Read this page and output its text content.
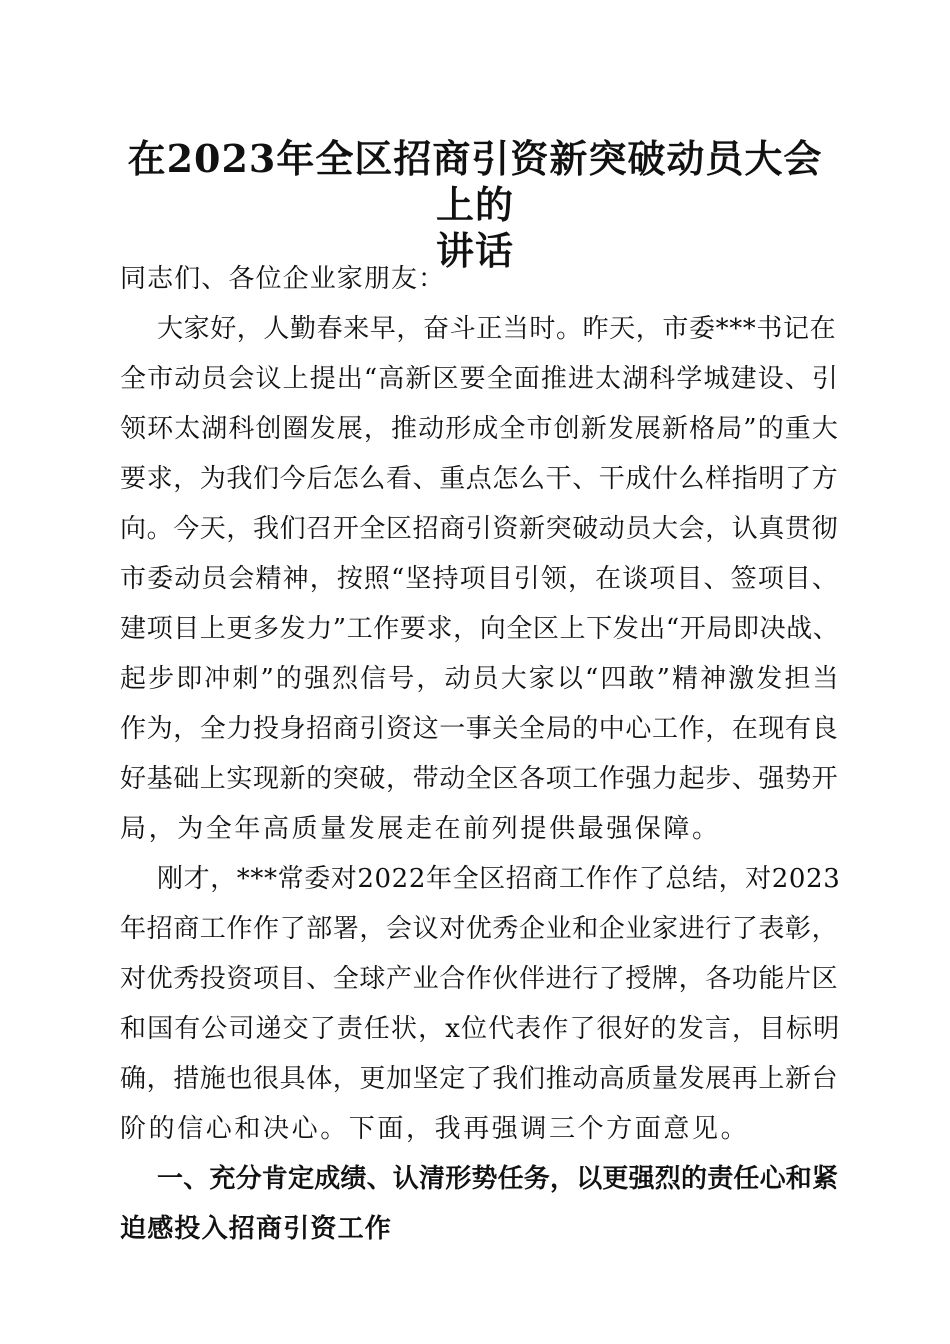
在2023年全区招商引资新突破动员大会上的
讲话
同志们、各位企业家朋友：
大家好，人勤春来早，奋斗正当时。昨天，市委***书记在
全市动员会议上提出“高新区要全面推进太湖科学城建设、引
领环太湖科创圈发展，推动形成全市创新发展新格局”的重大
要求，为我们今后怎么看、重点怎么干、干成什么样指明了方
向。今天，我们召开全区招商引资新突破动员大会，认真贯彻
市委动员会精神，按照“坚持项目引领，在谈项目、签项目、
建项目上更多发力”工作要求，向全区上下发出“开局即决战、
起步即冲刺”的强烈信号，动员大家以“四敢”精神激发担当
作为，全力投身招商引资这一事关全局的中心工作，在现有良
好基础上实现新的突破，带动全区各项工作强力起步、强势开
局，为全年高质量发展走在前列提供最强保障。
刚才，***常委对2022年全区招商工作作了总结，对2023
年招商工作作了部署，会议对优秀企业和企业家进行了表彰，
对优秀投资项目、全球产业合作伙伴进行了授牌，各功能片区
和国有公司递交了责任状，x位代表作了很好的发言，目标明
确，措施也很具体，更加坚定了我们推动高质量发展再上新台
阶的信心和决心。下面，我再强调三个方面意见。
一、充分肯定成绩、认清形势任务，以更强烈的责任心和紧
迫感投入招商引资工作
